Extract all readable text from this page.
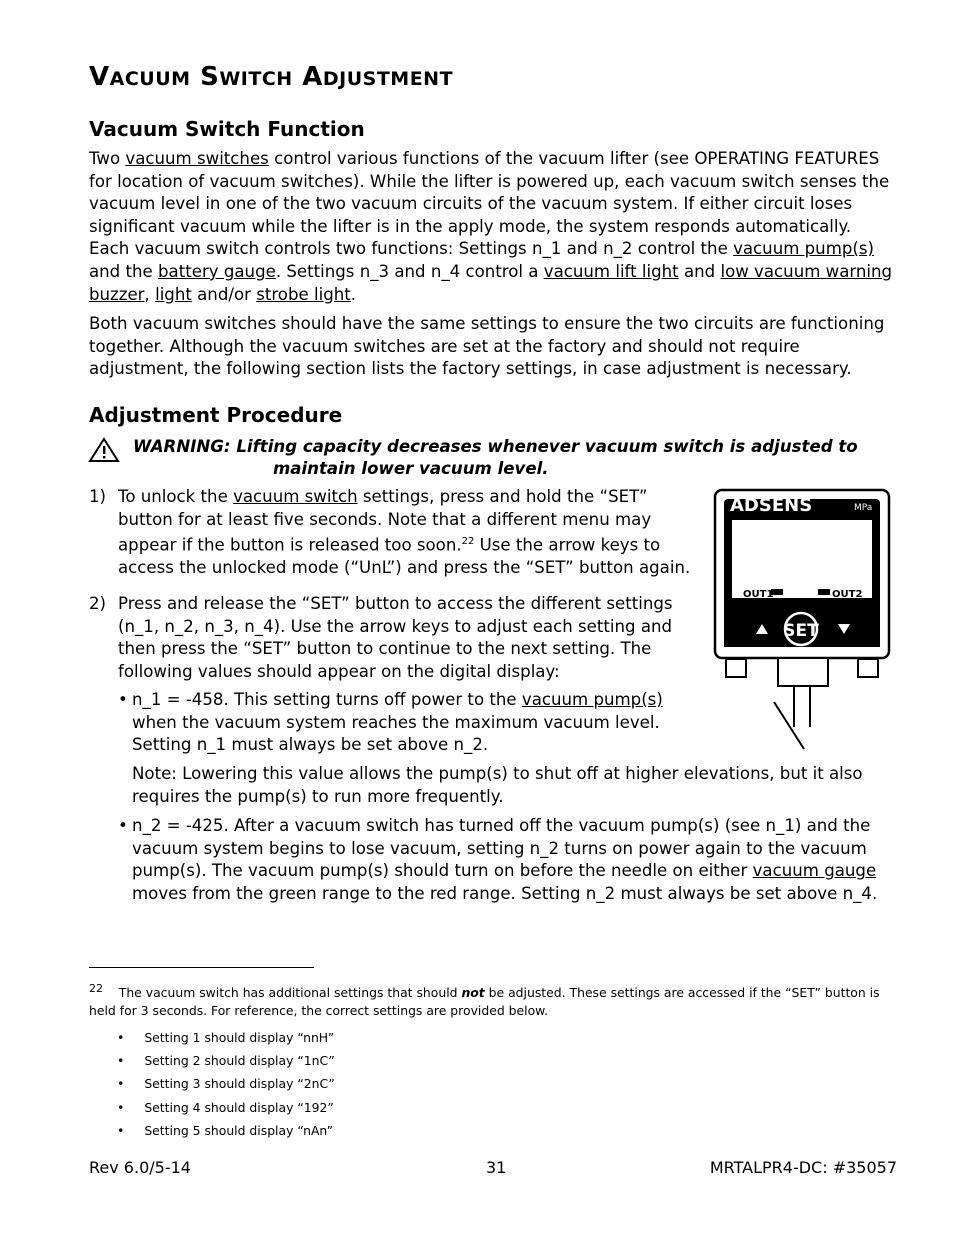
VACUUM SWITCH ADJUSTMENT
Vacuum Switch Function
Two vacuum switches control various functions of the vacuum lifter (see OPERATING FEATURES for location of vacuum switches). While the lifter is powered up, each vacuum switch senses the vacuum level in one of the two vacuum circuits of the vacuum system. If either circuit loses significant vacuum while the lifter is in the apply mode, the system responds automatically.
Each vacuum switch controls two functions: Settings n_1 and n_2 control the vacuum pump(s) and the battery gauge. Settings n_3 and n_4 control a vacuum lift light and low vacuum warning buzzer, light and/or strobe light.
Both vacuum switches should have the same settings to ensure the two circuits are functioning together. Although the vacuum switches are set at the factory and should not require adjustment, the following section lists the factory settings, in case adjustment is necessary.
Adjustment Procedure
WARNING: Lifting capacity decreases whenever vacuum switch is adjusted to
maintain lower vacuum level.
1) To unlock the vacuum switch settings, press and hold the “SET” button for at least five seconds. Note that a different menu may appear if the button is released too soon.$^{22}$ Use the arrow keys to access the unlocked mode (“UnL”) and press the “SET” button again.
2) Press and release the “SET” button to access the different settings (n_1, n_2, n_3, n_4). Use the arrow keys to adjust each setting and then press the “SET” button to continue to the next setting. The following values should appear on the digital display:
• n_1 = -458. This setting turns off power to the vacuum pump(s) when the vacuum system reaches the maximum vacuum level. Setting n_1 must always be set above n_2.
Note: Lowering this value allows the pump(s) to shut off at higher elevations, but it also requires the pump(s) to run more frequently.
• n_2 = -425. After a vacuum switch has turned off the vacuum pump(s) (see n_1) and the vacuum system begins to lose vacuum, setting n_2 turns on power again to the vacuum pump(s). The vacuum pump(s) should turn on before the needle on either vacuum gauge moves from the green range to the red range. Setting n_2 must always be set above n_4.
ADSENS	MPa
OUT1	OUT2
SET
$^{22}$ The vacuum switch has additional settings that should not be adjusted. These settings are accessed if the “SET” button is held for 3 seconds. For reference, the correct settings are provided below.
• Setting 1 should display “nnH”
• Setting 2 should display “1nC”
• Setting 3 should display “2nC”
• Setting 4 should display “192”
• Setting 5 should display “nAn”
Rev 6.0/5-14	31	MRTALPR4-DC: #35057
